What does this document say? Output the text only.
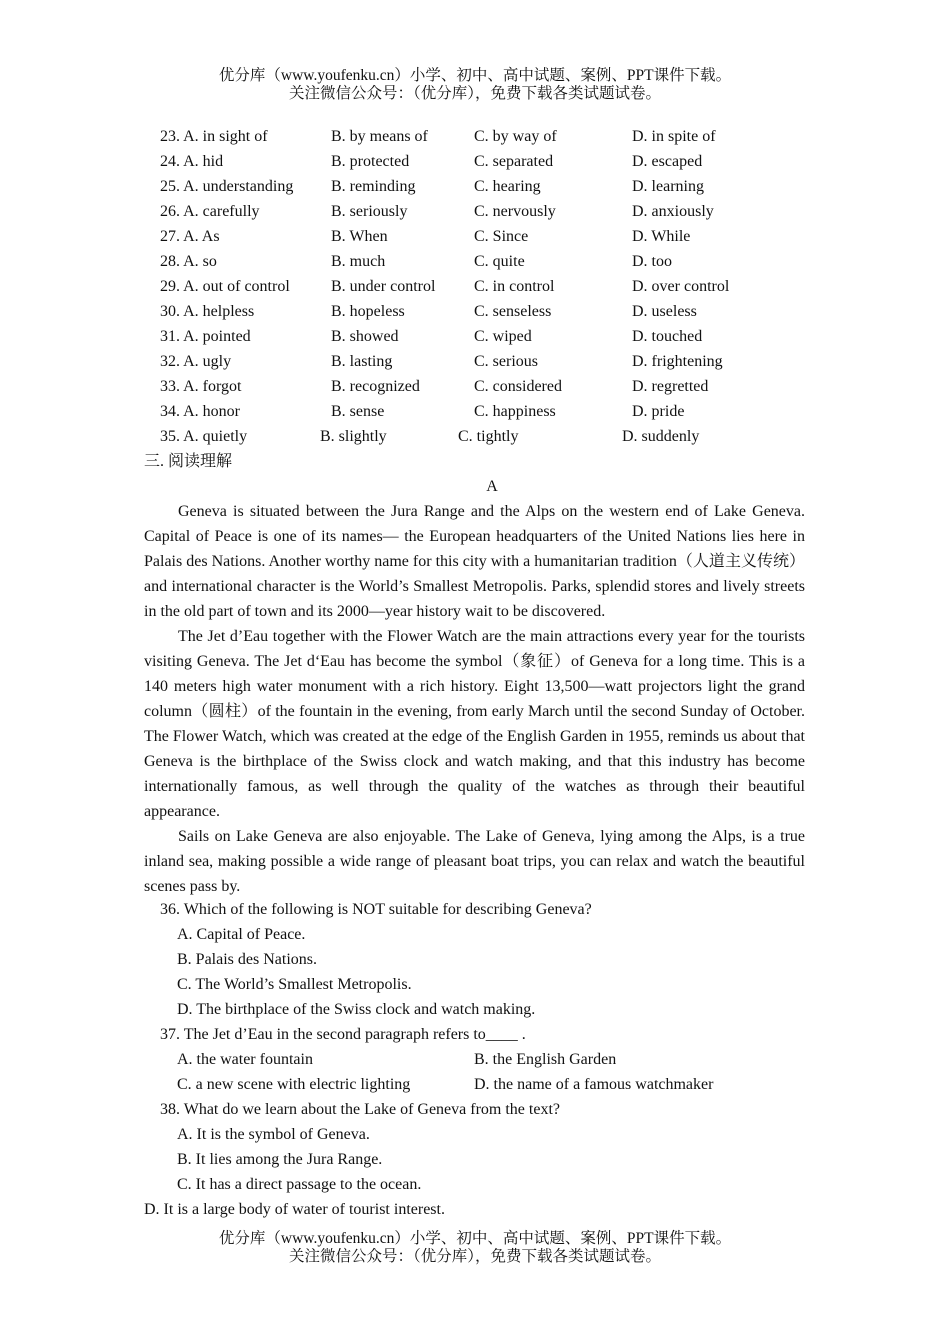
优分库（www.youfenku.cn）小学、初中、高中试题、案例、PPT课件下载。
关注微信公众号：（优分库），免费下载各类试题试卷。
23. A. in sight of	B. by means of	C. by way of	D. in spite of
24. A. hid	B. protected	C. separated	D. escaped
25. A. understanding B. reminding	C. hearing	D. learning
26. A. carefully	B. seriously	C. nervously	D. anxiously
27. A. As	B. When	C. Since	D. While
28. A. so	B. much	C. quite	D. too
29. A. out of control	B. under control C. in control	D. over control
30. A. helpless	B. hopeless	C. senseless	D. useless
31. A. pointed	B. showed	C. wiped	D. touched
32. A. ugly	B. lasting	C. serious	D. frightening
33. A. forgot	B. recognized	C. considered	D. regretted
34. A. honor	B. sense	C. happiness	D. pride
35. A. quietly	B. slightly	C. tightly	D. suddenly
三. 阅读理解
A

Geneva is situated between the Jura Range and the Alps on the western end of Lake Geneva. Capital of Peace is one of its names— the European headquarters of the United Nations lies here in Palais des Nations. Another worthy name for this city with a humanitarian tradition（人道主义传统）and international character is the World’s Smallest Metropolis. Parks, splendid stores and lively streets in the old part of town and its 2000—year history wait to be discovered.

The Jet d’Eau together with the Flower Watch are the main attractions every year for the tourists visiting Geneva. The Jet d‘Eau has become the symbol（象征）of Geneva for a long time. This is a 140 meters high water monument with a rich history. Eight 13,500—watt projectors light the grand column（圆柱）of the fountain in the evening, from early March until the second Sunday of October. The Flower Watch, which was created at the edge of the English Garden in 1955, reminds us about that Geneva is the birthplace of the Swiss clock and watch making, and that this industry has become internationally famous, as well through the quality of the watches as through their beautiful appearance.

Sails on Lake Geneva are also enjoyable. The Lake of Geneva, lying among the Alps, is a true inland sea, making possible a wide range of pleasant boat trips, you can relax and watch the beautiful scenes pass by.

36. Which of the following is NOT suitable for describing Geneva?
A. Capital of Peace.
B. Palais des Nations.
C. The World’s Smallest Metropolis.
D. The birthplace of the Swiss clock and watch making.
37. The Jet d’Eau in the second paragraph refers to____ .
A. the water fountain	B. the English Garden
C. a new scene with electric lighting	D. the name of a famous watchmaker
38. What do we learn about the Lake of Geneva from the text?
A. It is the symbol of Geneva.
B. It lies among the Jura Range.
C. It has a direct passage to the ocean.
D. It is a large body of water of tourist interest.
优分库（www.youfenku.cn）小学、初中、高中试题、案例、PPT课件下载。
关注微信公众号：（优分库），免费下载各类试题试卷。
